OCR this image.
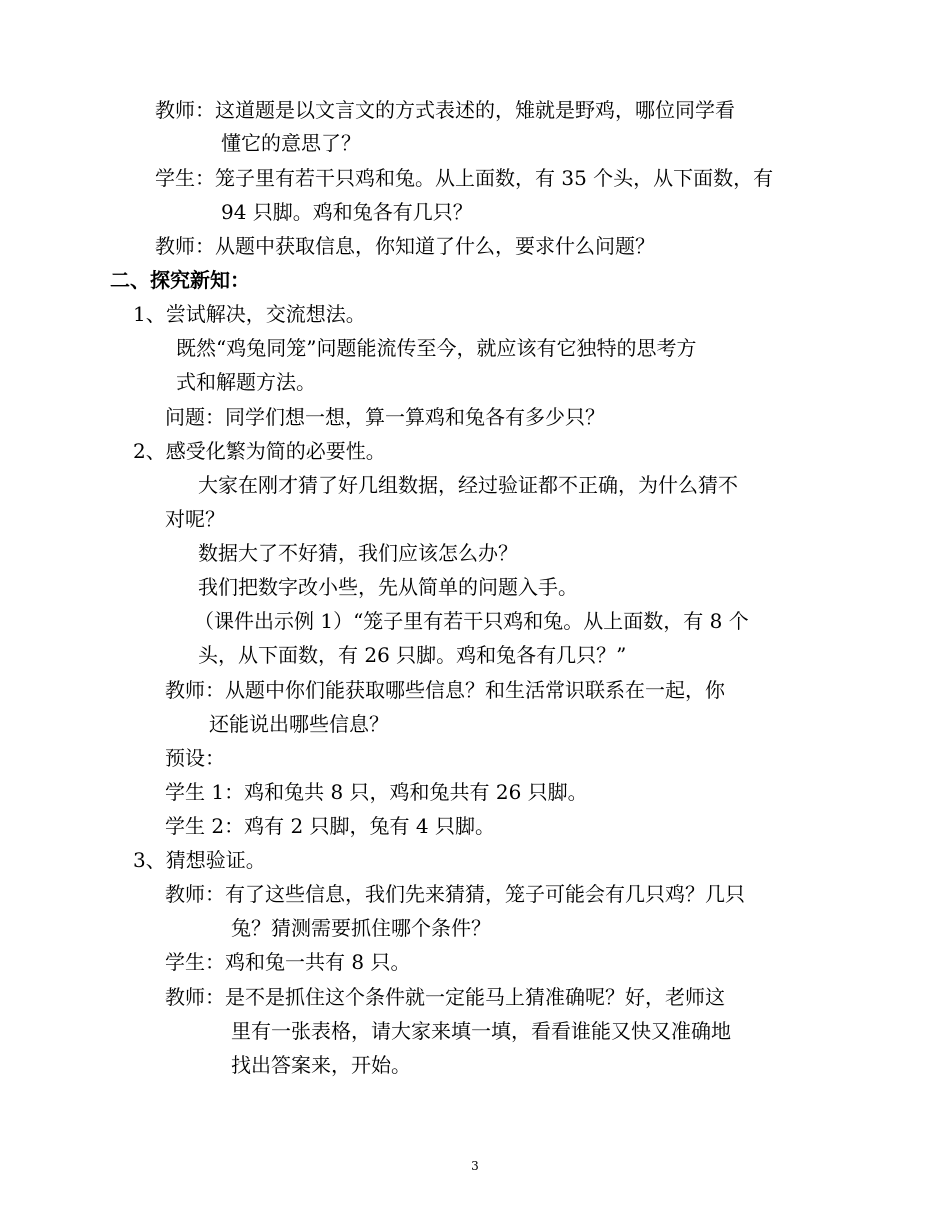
教师：这道题是以文言文的方式表述的，雉就是野鸡，哪位同学看
懂它的意思了？
学生：笼子里有若干只鸡和兔。从上面数，有 35 个头，从下面数，有
94 只脚。鸡和兔各有几只？
教师：从题中获取信息，你知道了什么，要求什么问题？
二、探究新知：
1、尝试解决，交流想法。
既然“鸡兔同笼”问题能流传至今，就应该有它独特的思考方
式和解题方法。
问题：同学们想一想，算一算鸡和兔各有多少只？
2、感受化繁为简的必要性。
大家在刚才猜了好几组数据，经过验证都不正确，为什么猜不
对呢？
数据大了不好猜，我们应该怎么办？
我们把数字改小些，先从简单的问题入手。
（课件出示例 1）“笼子里有若干只鸡和兔。从上面数，有 8 个
头，从下面数，有 26 只脚。鸡和兔各有几只？”
教师：从题中你们能获取哪些信息？和生活常识联系在一起，你
还能说出哪些信息？
预设：
学生 1：鸡和兔共 8 只，鸡和兔共有 26 只脚。
学生 2：鸡有 2 只脚，兔有 4 只脚。
3、猜想验证。
教师：有了这些信息，我们先来猜猜，笼子可能会有几只鸡？几只
兔？猜测需要抓住哪个条件？
学生：鸡和兔一共有 8 只。
教师：是不是抓住这个条件就一定能马上猜准确呢？好，老师这
里有一张表格，请大家来填一填，看看谁能又快又准确地
找出答案来，开始。
3
